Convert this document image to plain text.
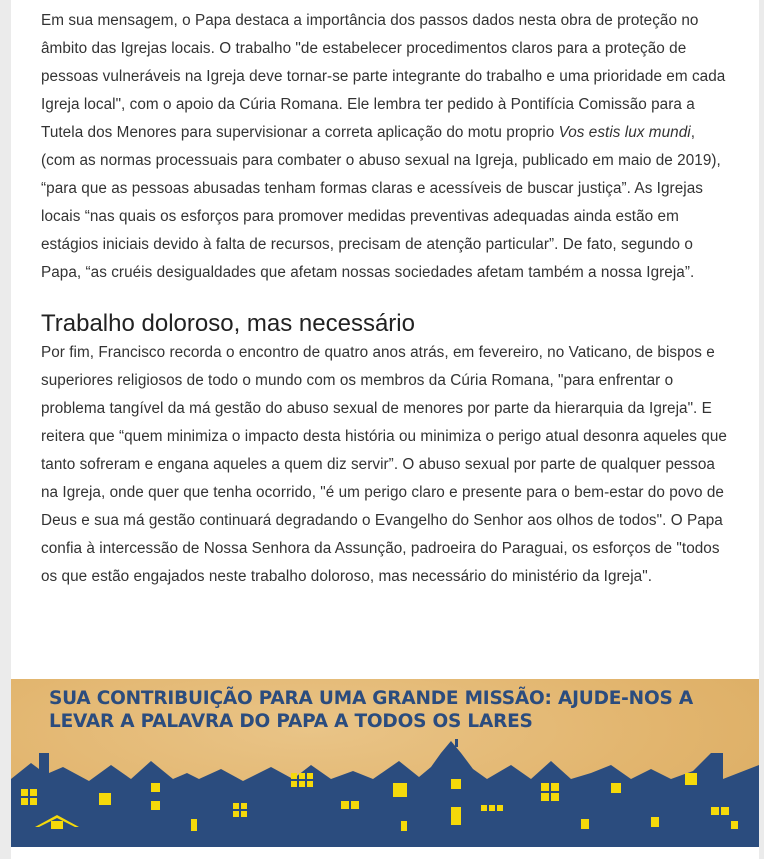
Em sua mensagem, o Papa destaca a importância dos passos dados nesta obra de proteção no âmbito das Igrejas locais. O trabalho "de estabelecer procedimentos claros para a proteção de pessoas vulneráveis na Igreja deve tornar-se parte integrante do trabalho e uma prioridade em cada Igreja local", com o apoio da Cúria Romana. Ele lembra ter pedido à Pontifícia Comissão para a Tutela dos Menores para supervisionar a correta aplicação do motu proprio Vos estis lux mundi, (com as normas processuais para combater o abuso sexual na Igreja, publicado em maio de 2019), “para que as pessoas abusadas tenham formas claras e acessíveis de buscar justiça”. As Igrejas locais “nas quais os esforços para promover medidas preventivas adequadas ainda estão em estágios iniciais devido à falta de recursos, precisam de atenção particular”. De fato, segundo o Papa, “as cruéis desigualdades que afetam nossas sociedades afetam também a nossa Igreja”.

Trabalho doloroso, mas necessário

Por fim, Francisco recorda o encontro de quatro anos atrás, em fevereiro, no Vaticano, de bispos e superiores religiosos de todo o mundo com os membros da Cúria Romana, "para enfrentar o problema tangível da má gestão do abuso sexual de menores por parte da hierarquia da Igreja". E reitera que “quem minimiza o impacto desta história ou minimiza o perigo atual desonra aqueles que tanto sofreram e engana aqueles a quem diz servir”. O abuso sexual por parte de qualquer pessoa na Igreja, onde quer que tenha ocorrido, "é um perigo claro e presente para o bem-estar do povo de Deus e sua má gestão continuará degradando o Evangelho do Senhor aos olhos de todos". O Papa confia à intercessão de Nossa Senhora da Assunção, padroeira do Paraguai, os esforços de "todos os que estão engajados neste trabalho doloroso, mas necessário do ministério da Igreja".

SUA CONTRIBUIÇÃO PARA UMA GRANDE MISSÃO: AJUDE-NOS A LEVAR A PALAVRA DO PAPA A TODOS OS LARES
